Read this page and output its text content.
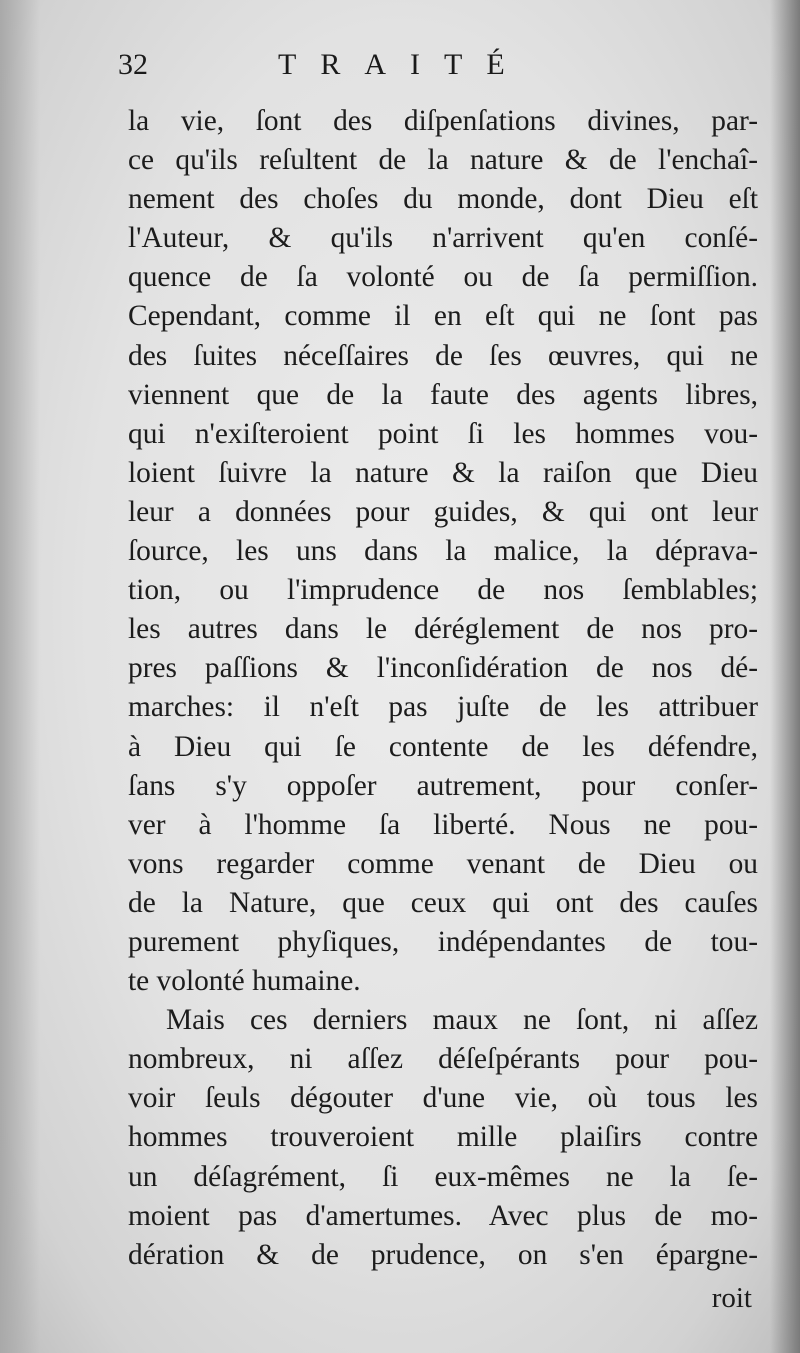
32	TRAITÉ
la vie, ſont des diſpenſations divines, par-
ce qu'ils reſultent de la nature & de l'enchaî-
nement des choſes du monde, dont Dieu eſt
l'Auteur, & qu'ils n'arrivent qu'en conſé-
quence de ſa volonté ou de ſa permiſſion.
Cependant, comme il en eſt qui ne ſont pas
des ſuites néceſſaires de ſes œuvres, qui ne
viennent que de la faute des agents libres,
qui n'exiſteroient point ſi les hommes vou-
loient ſuivre la nature & la raiſon que Dieu
leur a données pour guides, & qui ont leur
ſource, les uns dans la malice, la déprava-
tion, ou l'imprudence de nos ſemblables;
les autres dans le déréglement de nos pro-
pres paſſions & l'inconſidération de nos dé-
marches: il n'eſt pas juſte de les attribuer
à Dieu qui ſe contente de les défendre,
ſans s'y oppoſer autrement, pour conſer-
ver à l'homme ſa liberté. Nous ne pou-
vons regarder comme venant de Dieu ou
de la Nature, que ceux qui ont des cauſes
purement phyſiques, indépendantes de tou-
te volonté humaine.
Mais ces derniers maux ne ſont, ni aſſez
nombreux, ni aſſez déſeſpérants pour pou-
voir ſeuls dégouter d'une vie, où tous les
hommes trouveroient mille plaiſirs contre
un déſagrément, ſi eux-mêmes ne la ſe-
moient pas d'amertumes. Avec plus de mo-
dération & de prudence, on s'en épargne-
roit
